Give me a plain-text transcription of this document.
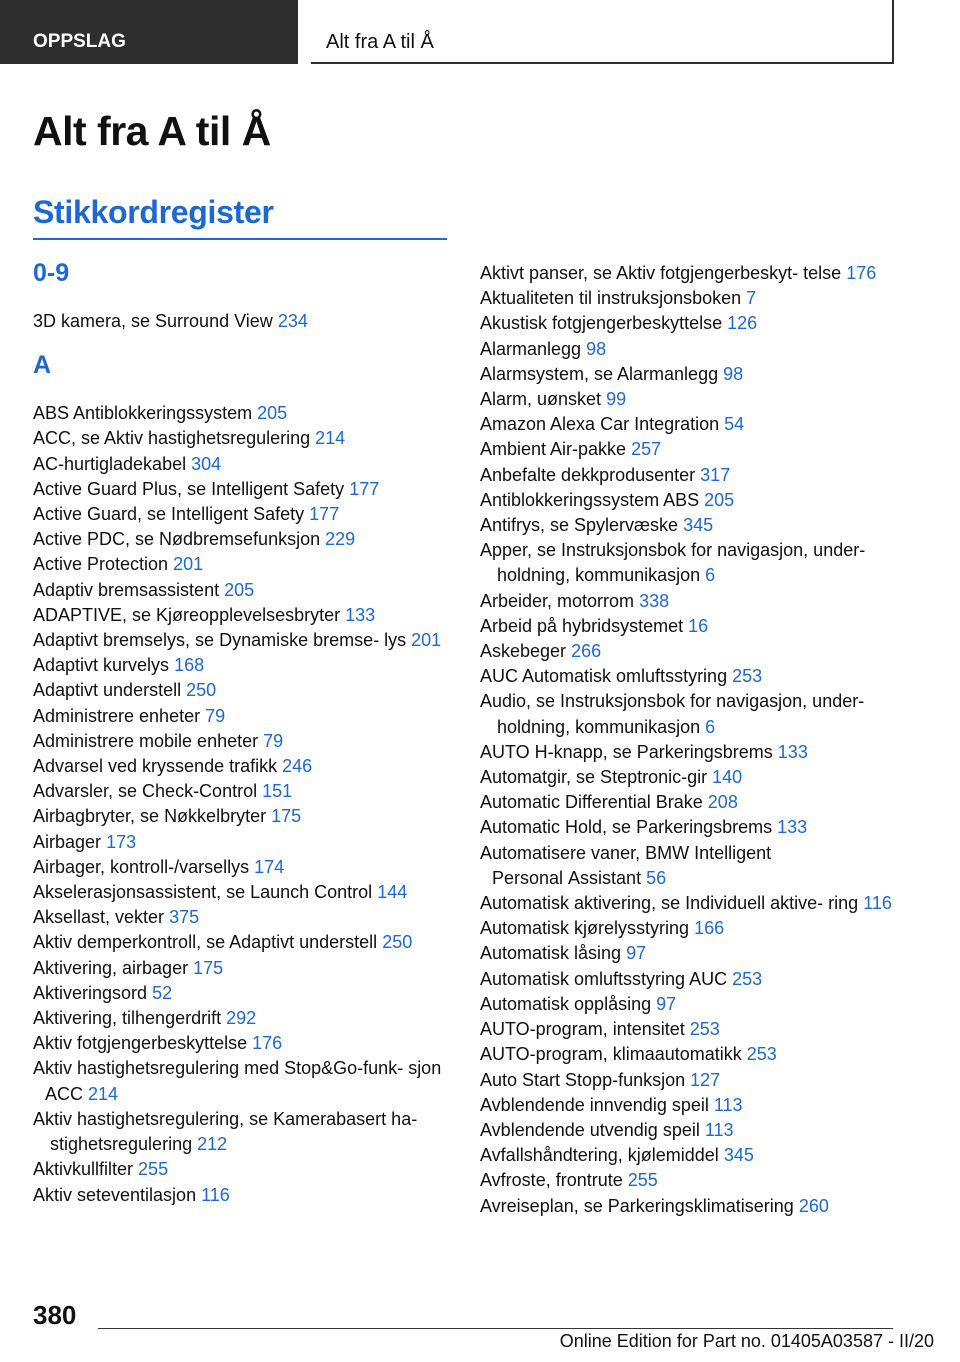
OPPSLAG	Alt fra A til Å
Alt fra A til Å
Stikkordregister
0-9
3D kamera, se Surround View 234
A
ABS Antiblokkeringssystem 205
ACC, se Aktiv hastighetsregulering 214
AC-hurtigladekabel 304
Active Guard Plus, se Intelligent Safety 177
Active Guard, se Intelligent Safety 177
Active PDC, se Nødbremsefunksjon 229
Active Protection 201
Adaptiv bremsassistent 205
ADAPTIVE, se Kjøreopplevelsesbryter 133
Adaptivt bremselys, se Dynamiske bremse- lys 201
Adaptivt kurvelys 168
Adaptivt understell 250
Administrere enheter 79
Administrere mobile enheter 79
Advarsel ved kryssende trafikk 246
Advarsler, se Check-Control 151
Airbagbryter, se Nøkkelbryter 175
Airbager 173
Airbager, kontroll-/varsellys 174
Akselerasjonsassistent, se Launch Control 144
Aksellast, vekter 375
Aktiv demperkontroll, se Adaptivt understell 250
Aktivering, airbager 175
Aktiveringsord 52
Aktivering, tilhengerdrift 292
Aktiv fotgjengerbeskyttelse 176
Aktiv hastighetsregulering med Stop&Go-funk- sjon ACC 214
Aktiv hastighetsregulering, se Kamerabasert ha- stighetsregulering 212
Aktivkullfilter 255
Aktiv seteventilasjon 116
Aktivt panser, se Aktiv fotgjengerbeskyt- telse 176
Aktualiteten til instruksjonsboken 7
Akustisk fotgjengerbeskyttelse 126
Alarmanlegg 98
Alarmsystem, se Alarmanlegg 98
Alarm, uønsket 99
Amazon Alexa Car Integration 54
Ambient Air-pakke 257
Anbefalte dekkprodusenter 317
Antiblokkeringssystem ABS 205
Antifrys, se Spylervæske 345
Apper, se Instruksjonsbok for navigasjon, under- holdning, kommunikasjon 6
Arbeider, motorrom 338
Arbeid på hybridsystemet 16
Askebeger 266
AUC Automatisk omluftsstyring 253
Audio, se Instruksjonsbok for navigasjon, under- holdning, kommunikasjon 6
AUTO H-knapp, se Parkeringsbrems 133
Automatgir, se Steptronic-gir 140
Automatic Differential Brake 208
Automatic Hold, se Parkeringsbrems 133
Automatisere vaner, BMW Intelligent Personal Assistant 56
Automatisk aktivering, se Individuell aktive- ring 116
Automatisk kjørelysstyring 166
Automatisk låsing 97
Automatisk omluftsstyring AUC 253
Automatisk opplåsing 97
AUTO-program, intensitet 253
AUTO-program, klimaautomatikk 253
Auto Start Stopp-funksjon 127
Avblendende innvendig speil 113
Avblendende utvendig speil 113
Avfallshåndtering, kjølemiddel 345
Avfroste, frontrute 255
Avreiseplan, se Parkeringsklimatisering 260
380
Online Edition for Part no. 01405A03587 - II/20
